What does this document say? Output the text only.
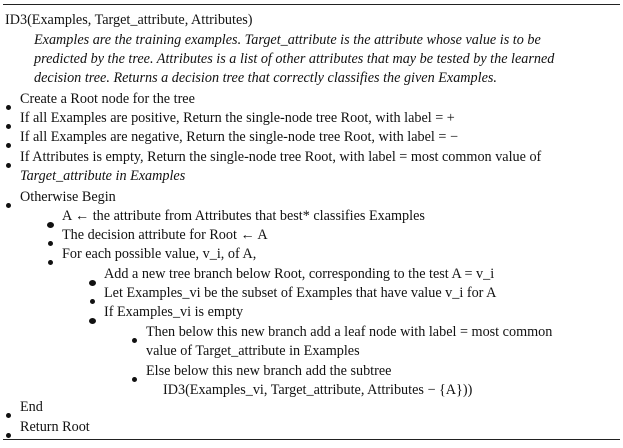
ID3(Examples, Target_attribute, Attributes)
Examples are the training examples. Target_attribute is the attribute whose value is to be
predicted by the tree. Attributes is a list of other attributes that may be tested by the learned
decision tree. Returns a decision tree that correctly classifies the given Examples.
Create a Root node for the tree
If all Examples are positive, Return the single-node tree Root, with label = +
If all Examples are negative, Return the single-node tree Root, with label = −
If Attributes is empty, Return the single-node tree Root, with label = most common value of
Target_attribute in Examples
Otherwise Begin
A ← the attribute from Attributes that best* classifies Examples
The decision attribute for Root ← A
For each possible value, v_i, of A,
Add a new tree branch below Root, corresponding to the test A = v_i
Let Examples_vi be the subset of Examples that have value v_i for A
If Examples_vi is empty
Then below this new branch add a leaf node with label = most common
value of Target_attribute in Examples
Else below this new branch add the subtree
ID3(Examples_vi, Target_attribute, Attributes − {A}))
End
Return Root
